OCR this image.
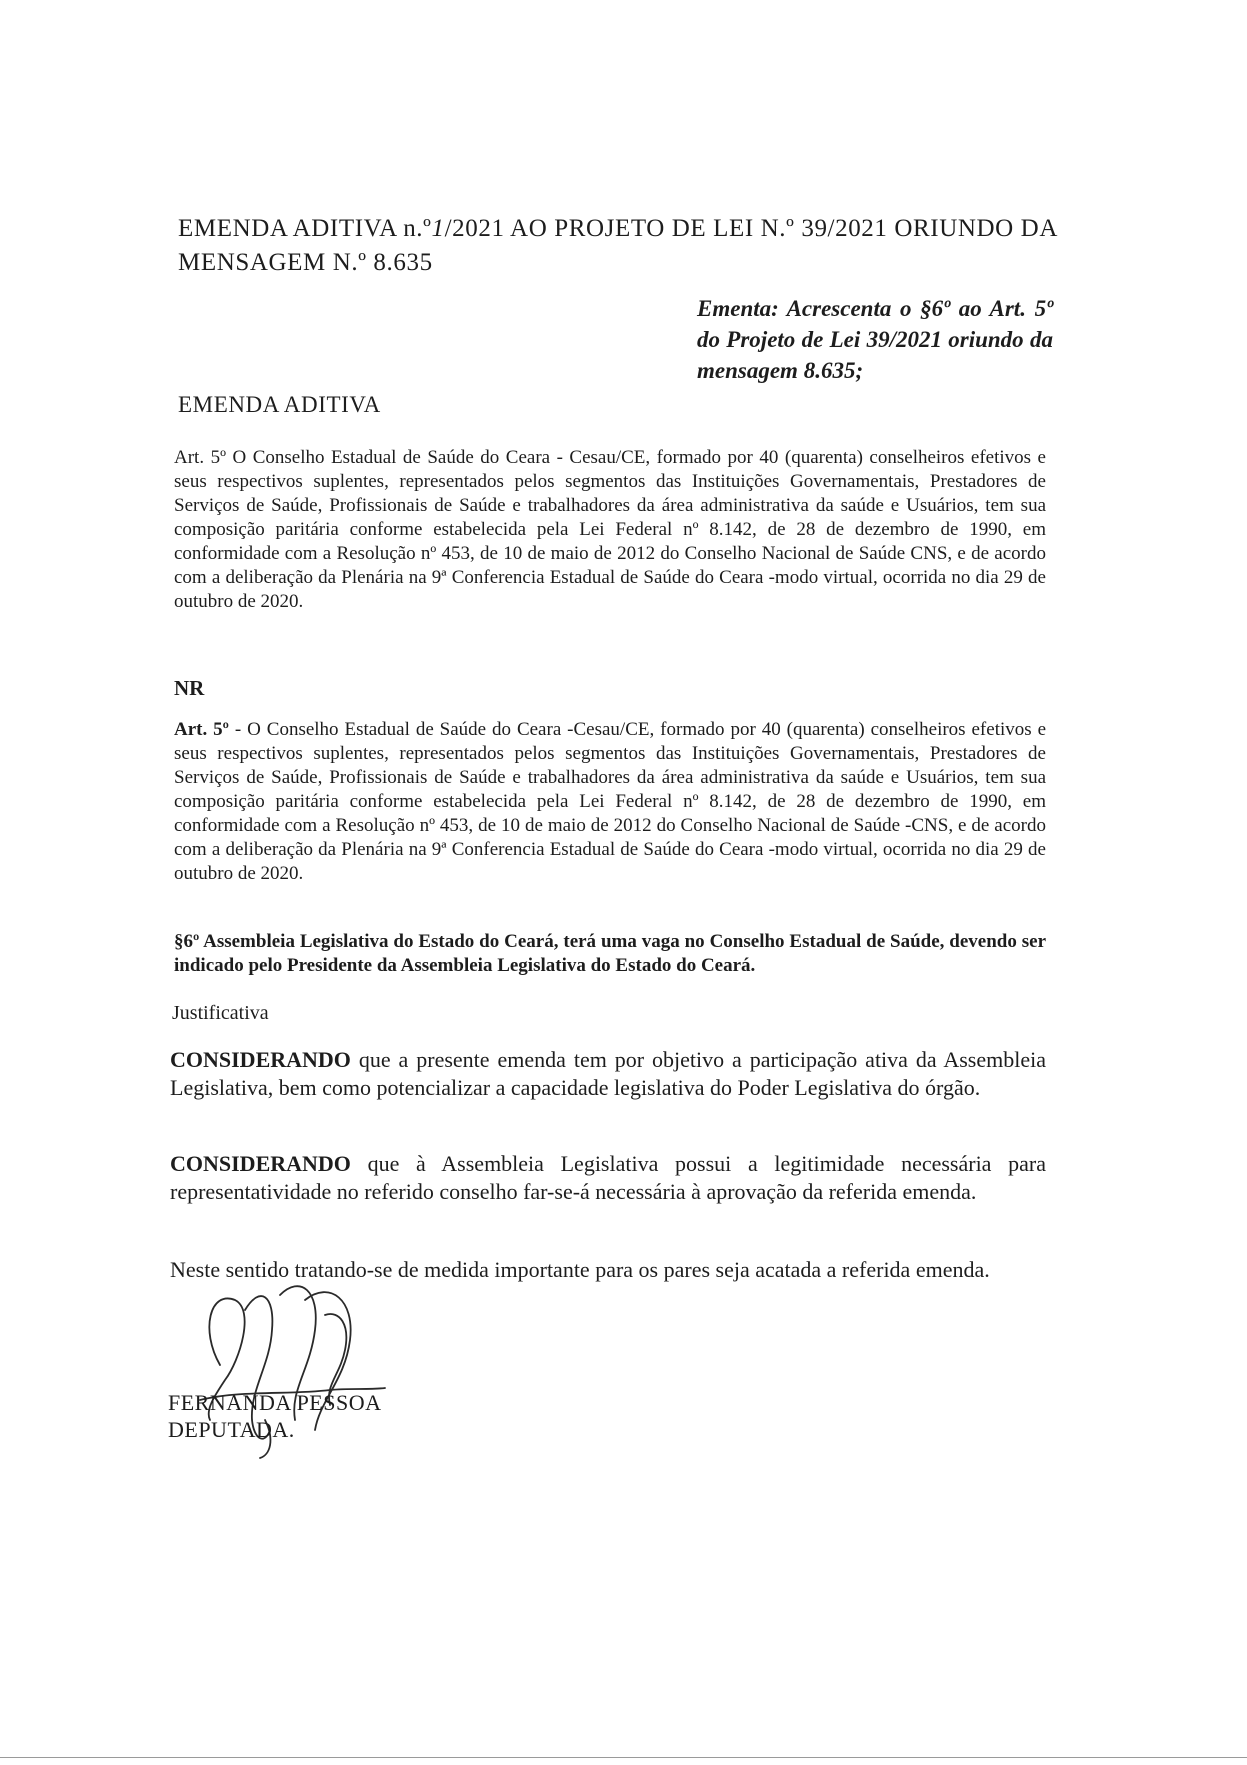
EMENDA ADITIVA n.º1/2021 AO PROJETO DE LEI N.º 39/2021 ORIUNDO DA MENSAGEM N.º 8.635
Ementa: Acrescenta o §6º ao Art. 5º do Projeto de Lei 39/2021 oriundo da mensagem 8.635;
EMENDA ADITIVA
Art. 5º O Conselho Estadual de Saúde do Ceara - Cesau/CE, formado por 40 (quarenta) conselheiros efetivos e seus respectivos suplentes, representados pelos segmentos das Instituições Governamentais, Prestadores de Serviços de Saúde, Profissionais de Saúde e trabalhadores da área administrativa da saúde e Usuários, tem sua composição paritária conforme estabelecida pela Lei Federal nº 8.142, de 28 de dezembro de 1990, em conformidade com a Resolução nº 453, de 10 de maio de 2012 do Conselho Nacional de Saúde CNS, e de acordo com a deliberação da Plenária na 9ª Conferencia Estadual de Saúde do Ceara -modo virtual, ocorrida no dia 29 de outubro de 2020.
NR
Art. 5º - O Conselho Estadual de Saúde do Ceara -Cesau/CE, formado por 40 (quarenta) conselheiros efetivos e seus respectivos suplentes, representados pelos segmentos das Instituições Governamentais, Prestadores de Serviços de Saúde, Profissionais de Saúde e trabalhadores da área administrativa da saúde e Usuários, tem sua composição paritária conforme estabelecida pela Lei Federal nº 8.142, de 28 de dezembro de 1990, em conformidade com a Resolução nº 453, de 10 de maio de 2012 do Conselho Nacional de Saúde -CNS, e de acordo com a deliberação da Plenária na 9ª Conferencia Estadual de Saúde do Ceara -modo virtual, ocorrida no dia 29 de outubro de 2020.
§6º Assembleia Legislativa do Estado do Ceará, terá uma vaga no Conselho Estadual de Saúde, devendo ser indicado pelo Presidente da Assembleia Legislativa do Estado do Ceará.
Justificativa
CONSIDERANDO que a presente emenda tem por objetivo a participação ativa da Assembleia Legislativa, bem como potencializar a capacidade legislativa do Poder Legislativa do órgão.
CONSIDERANDO que à Assembleia Legislativa possui a legitimidade necessária para representatividade no referido conselho far-se-á necessária à aprovação da referida emenda.
Neste sentido tratando-se de medida importante para os pares seja acatada a referida emenda.
FERNANDA PESSOA
DEPUTADA.
